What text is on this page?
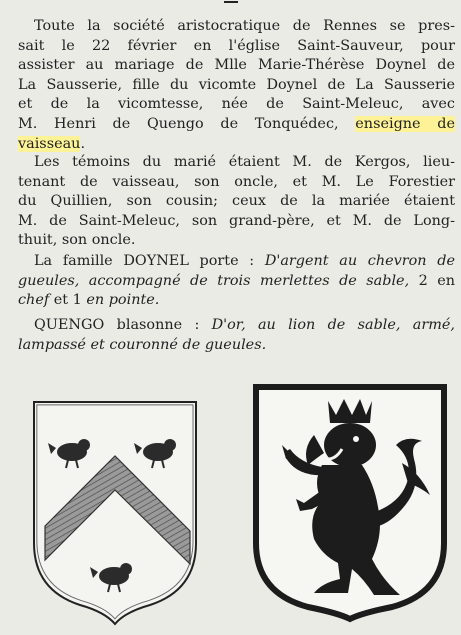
Toute la société aristocratique de Rennes se pres-
sait le 22 février en l'église Saint-Sauveur, pour
assister au mariage de Mlle Marie-Thérèse Doynel de
La Sausserie, fille du vicomte Doynel de La Sausserie
et de la vicomtesse, née de Saint-Meleuc, avec
M. Henri de Quengo de Tonquédec, enseigne de
vaisseau.
Les témoins du marié étaient M. de Kergos, lieu-
tenant de vaisseau, son oncle, et M. Le Forestier
du Quillien, son cousin; ceux de la mariée étaient
M. de Saint-Meleuc, son grand-père, et M. de Long-
thuit, son oncle.
La famille DOYNEL porte : D'argent au chevron de
gueules, accompagné de trois merlettes de sable, 2 en
chef et 1 en pointe.
QUENGO blasonne : D'or, au lion de sable, armé,
lampassé et couronné de gueules.
